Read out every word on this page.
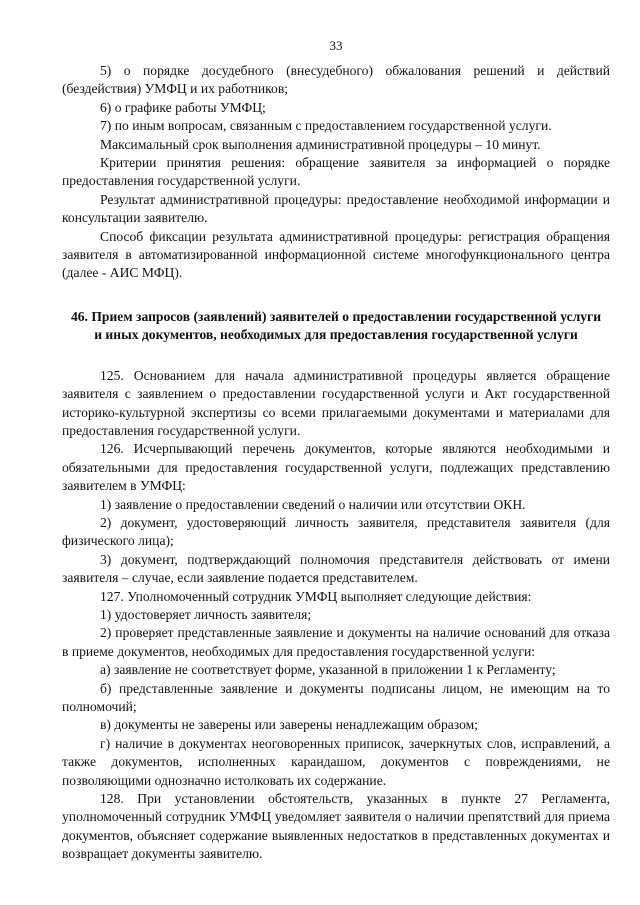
33

5) о порядке досудебного (внесудебного) обжалования решений и действий (бездействия) УМФЦ и их работников;

6) о графике работы УМФЦ;

7) по иным вопросам, связанным с предоставлением государственной услуги.

Максимальный срок выполнения административной процедуры – 10 минут.

Критерии принятия решения: обращение заявителя за информацией о порядке предоставления государственной услуги.

Результат административной процедуры: предоставление необходимой информации и консультации заявителю.

Способ фиксации результата административной процедуры: регистрация обращения заявителя в автоматизированной информационной системе многофункционального центра (далее - АИС МФЦ).

46. Прием запросов (заявлений) заявителей о предоставлении государственной услуги и иных документов, необходимых для предоставления государственной услуги

125. Основанием для начала административной процедуры является обращение заявителя с заявлением о предоставлении государственной услуги и Акт государственной историко-культурной экспертизы со всеми прилагаемыми документами и материалами для предоставления государственной услуги.

126. Исчерпывающий перечень документов, которые являются необходимыми и обязательными для предоставления государственной услуги, подлежащих представлению заявителем в УМФЦ:

1) заявление о предоставлении сведений о наличии или отсутствии ОКН.

2) документ, удостоверяющий личность заявителя, представителя заявителя (для физического лица);

3) документ, подтверждающий полномочия представителя действовать от имени заявителя – случае, если заявление подается представителем.

127. Уполномоченный сотрудник УМФЦ выполняет следующие действия:

1) удостоверяет личность заявителя;

2) проверяет представленные заявление и документы на наличие оснований для отказа в приеме документов, необходимых для предоставления государственной услуги:

а) заявление не соответствует форме, указанной в приложении 1 к Регламенту;

б) представленные заявление и документы подписаны лицом, не имеющим на то полномочий;

в) документы не заверены или заверены ненадлежащим образом;

г) наличие в документах неоговоренных приписок, зачеркнутых слов, исправлений, а также документов, исполненных карандашом, документов с повреждениями, не позволяющими однозначно истолковать их содержание.

128. При установлении обстоятельств, указанных в пункте 27 Регламента, уполномоченный сотрудник УМФЦ уведомляет заявителя о наличии препятствий для приема документов, объясняет содержание выявленных недостатков в представленных документах и возвращает документы заявителю.
